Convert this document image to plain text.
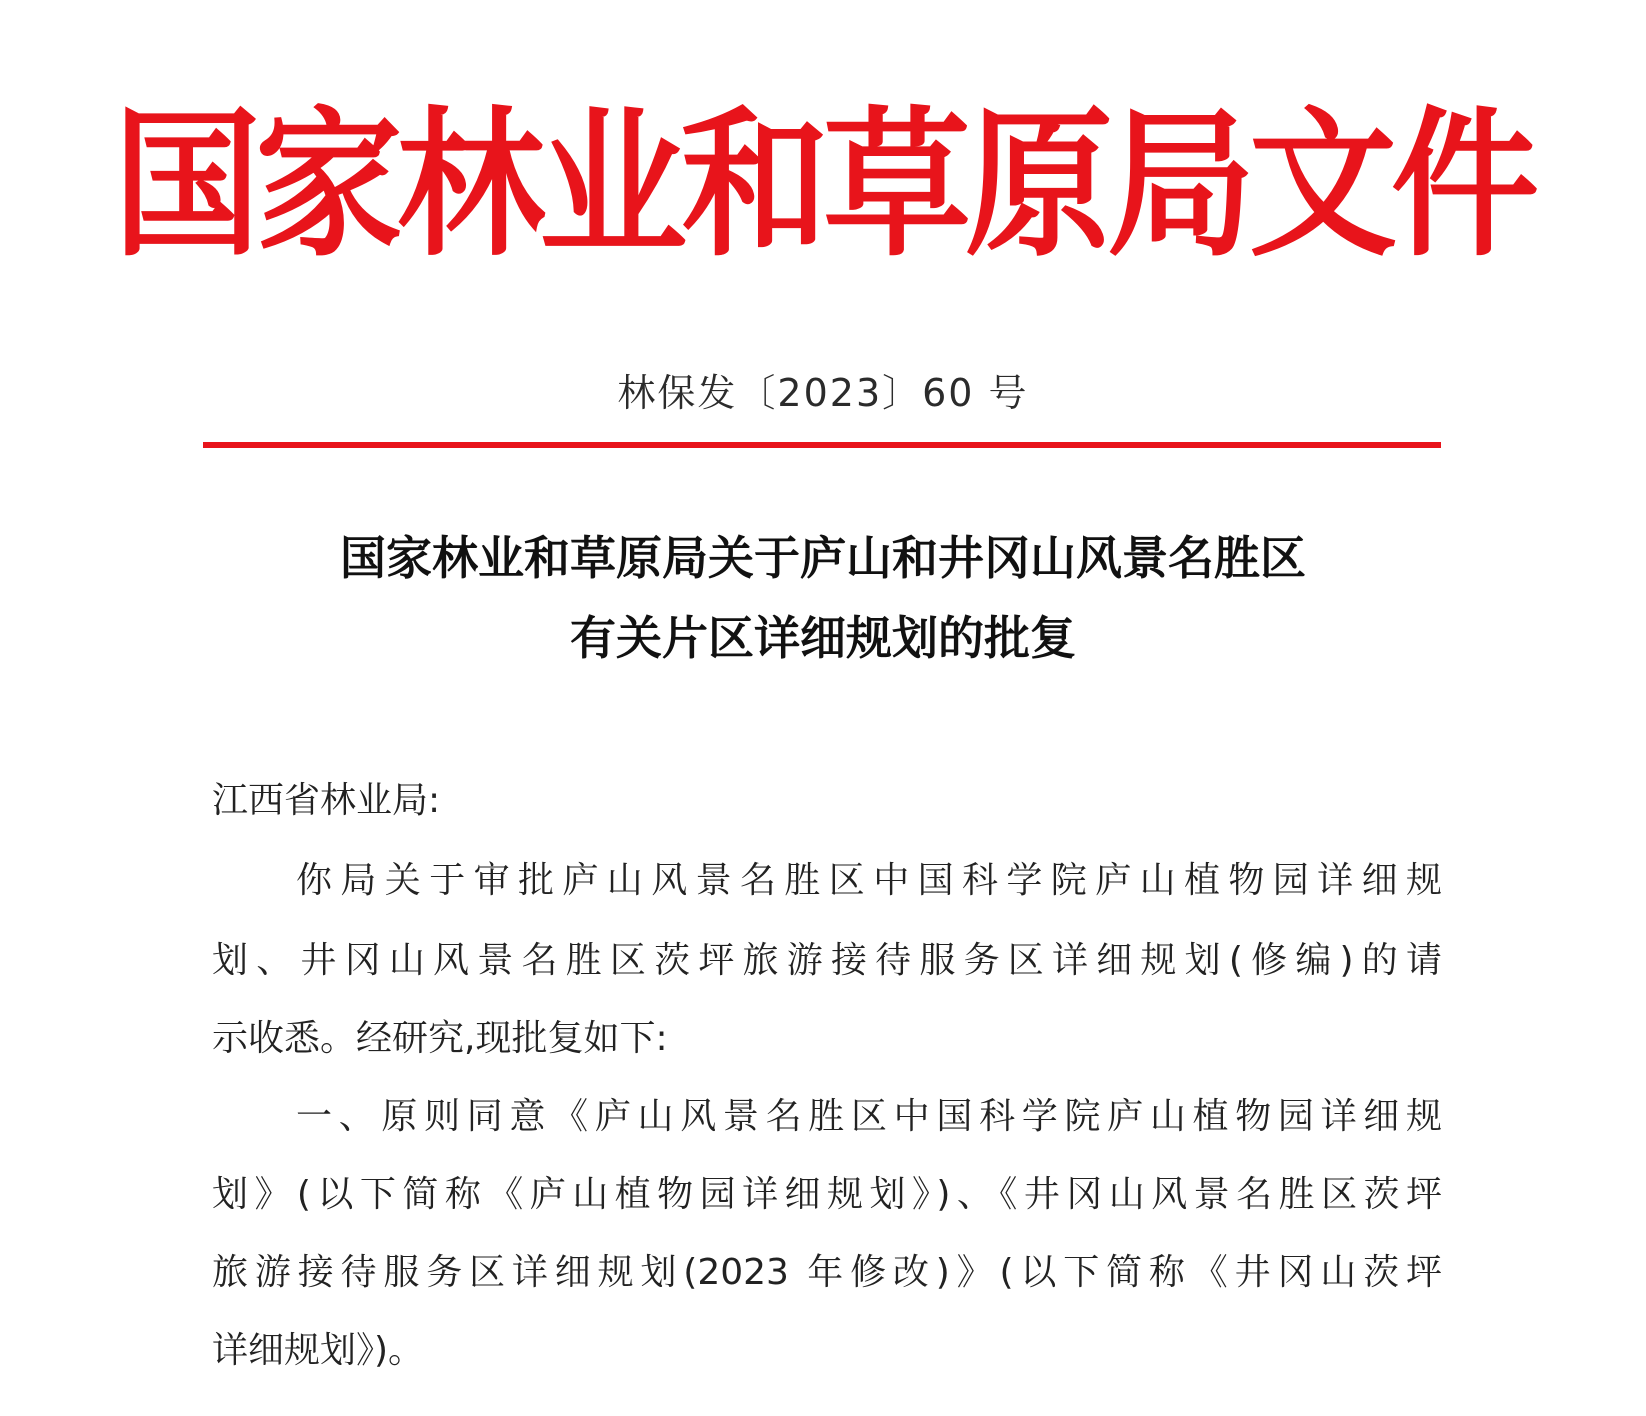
国家林业和草原局文件
林保发〔2023〕60 号
国家林业和草原局关于庐山和井冈山风景名胜区
有关片区详细规划的批复
江西省林业局:
你局关于审批庐山风景名胜区中国科学院庐山植物园详细规
划、井冈山风景名胜区茨坪旅游接待服务区详细规划(修编)的请
示收悉。经研究,现批复如下:
一、原则同意《庐山风景名胜区中国科学院庐山植物园详细规
划》(以下简称《庐山植物园详细规划》)、《井冈山风景名胜区茨坪
旅游接待服务区详细规划(2023 年修改)》(以下简称《井冈山茨坪
详细规划》)。
